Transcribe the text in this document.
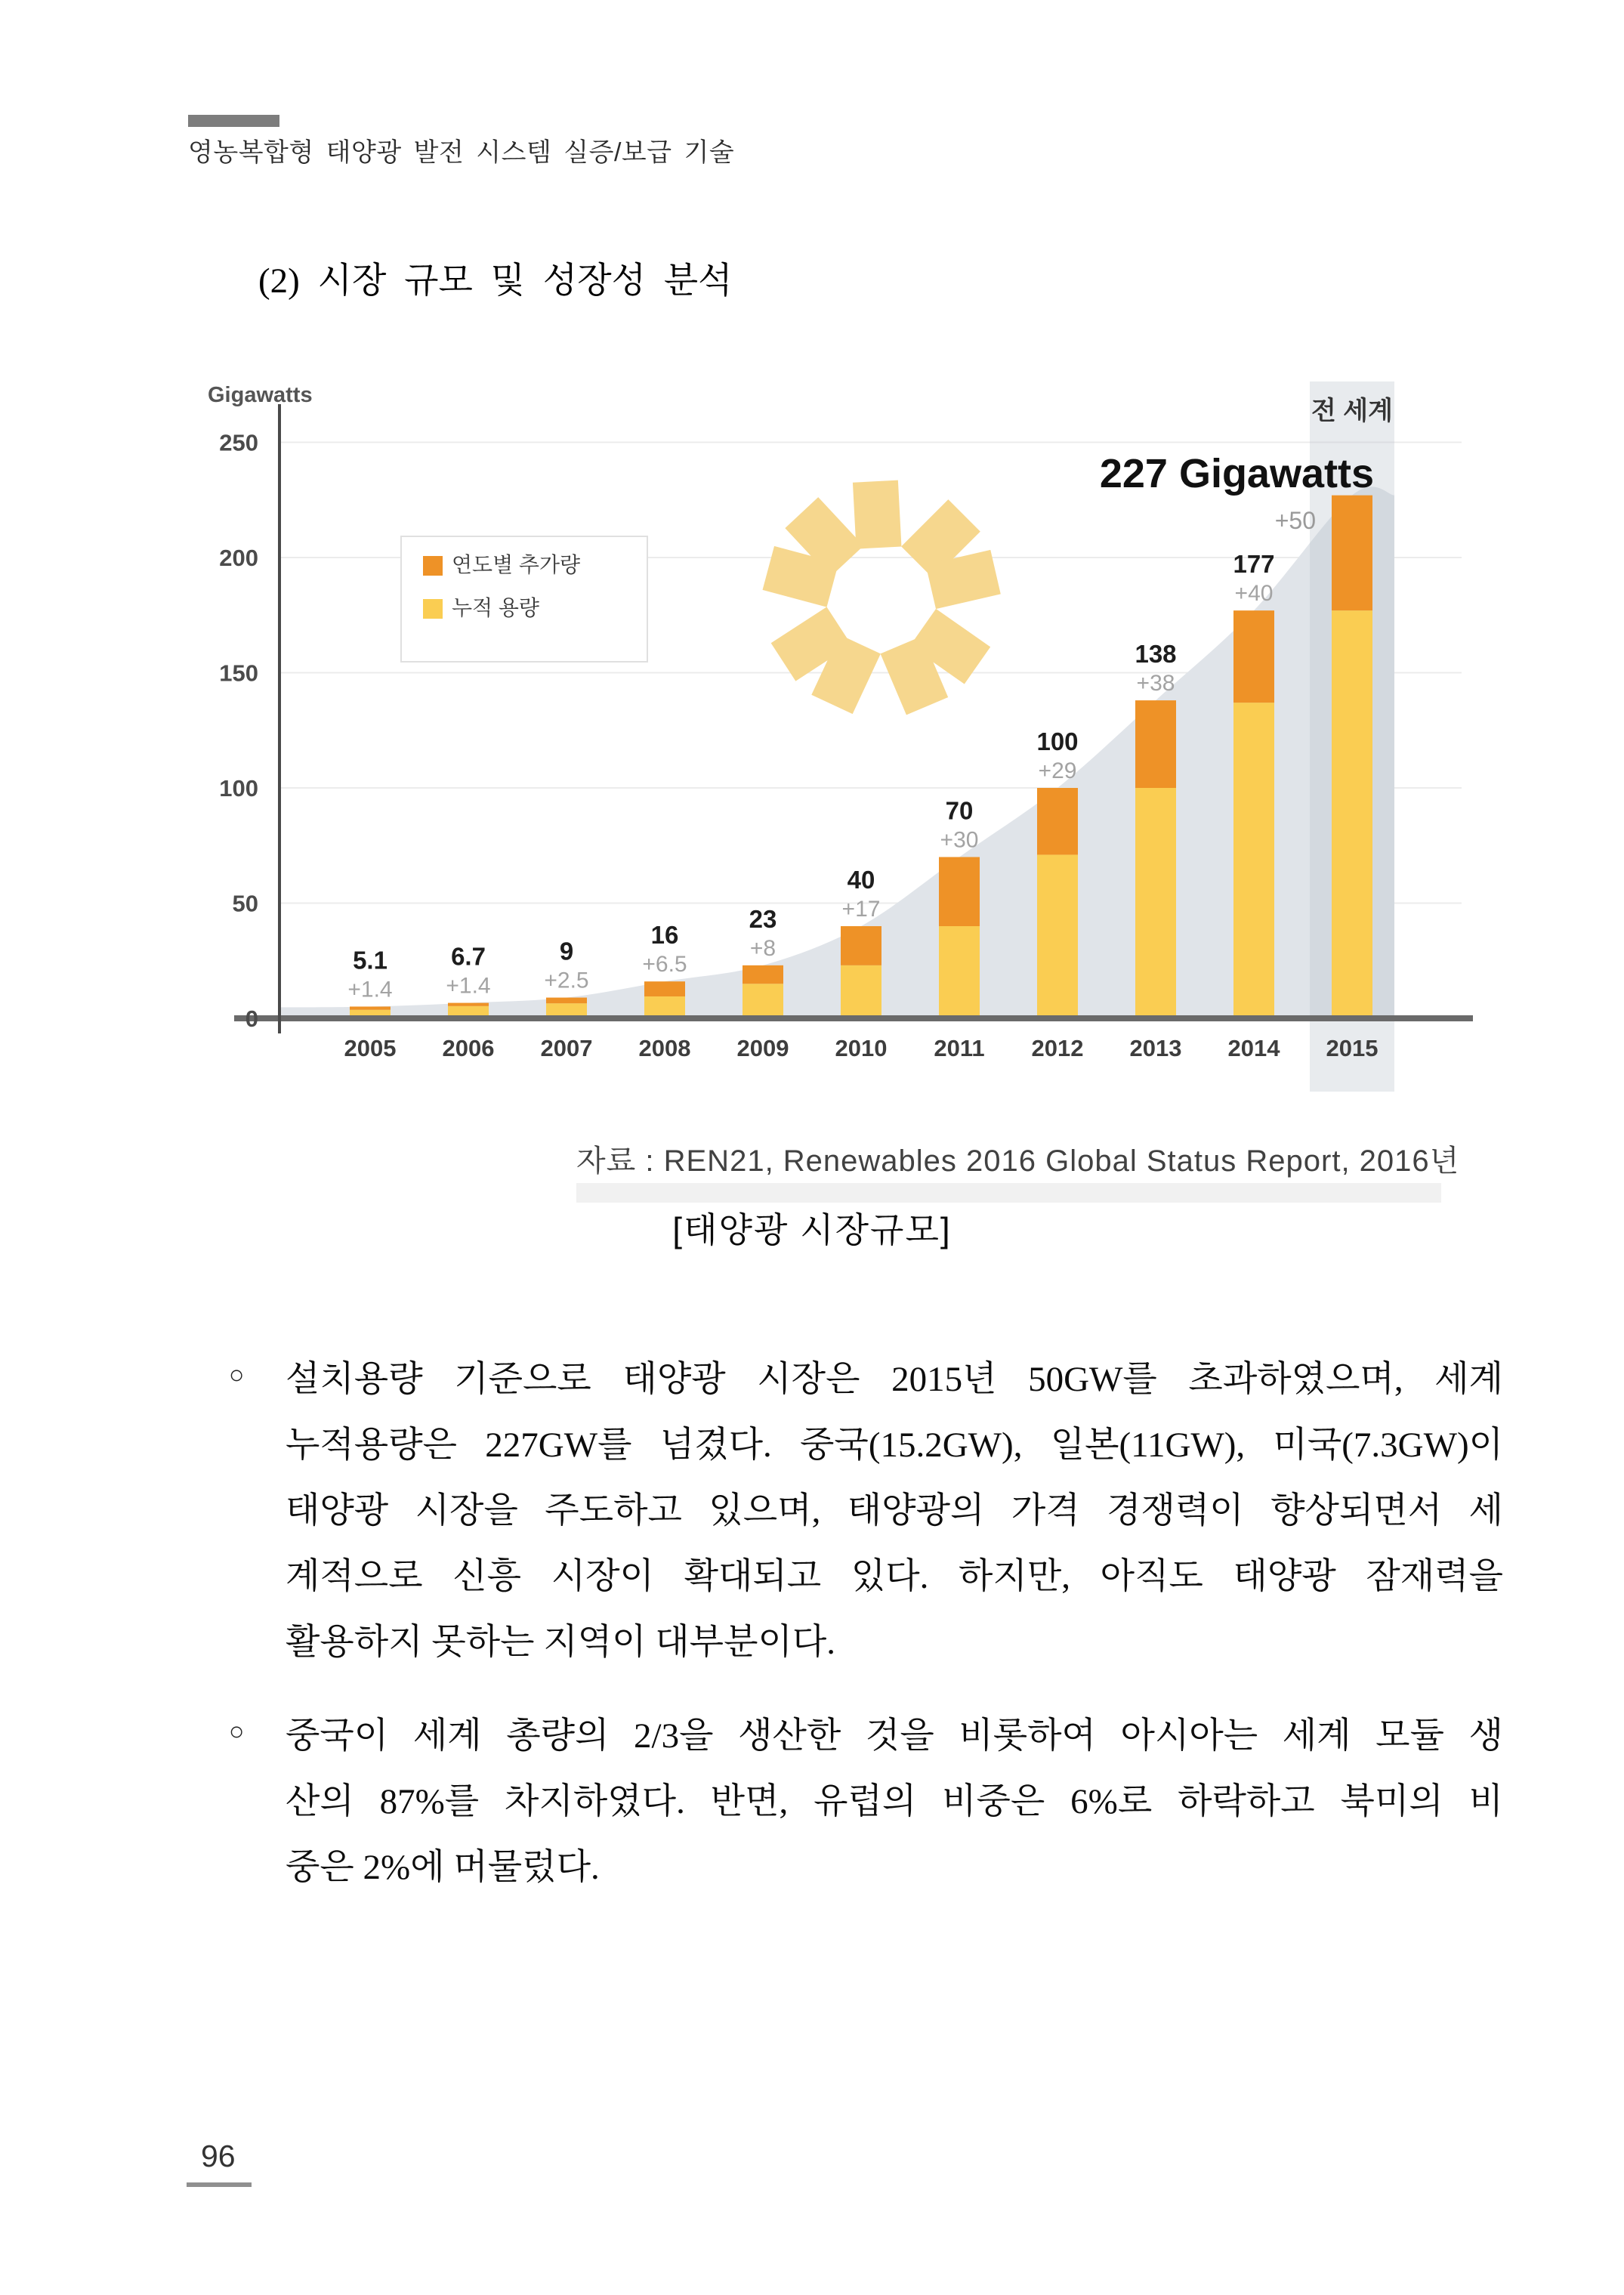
영농복합형 태양광 발전 시스템 실증/보급 기술
(2) 시장 규모 및 성장성 분석
5.1
+1.4
2005
6.7
+1.4
2006
9
+2.5
2007
16
+6.5
2008
23
+8
2009
40
+17
2010
70
+30
2011
100
+29
2012
138
+38
2013
177
+40
2014 2015
+50
0
50
100
150
200
250
Gigawatts
전 세계
227 Gigawatts
연도별 추가량
누적 용량
자료 : REN21, Renewables 2016 Global Status Report, 2016년
[태양광 시장규모]
○ 설치용량 기준으로 태양광 시장은 2015년 50GW를 초과하였으며, 세계
누적용량은 227GW를 넘겼다. 중국(15.2GW), 일본(11GW), 미국(7.3GW)이
태양광 시장을 주도하고 있으며, 태양광의 가격 경쟁력이 향상되면서 세
계적으로 신흥 시장이 확대되고 있다. 하지만, 아직도 태양광 잠재력을
활용하지 못하는 지역이 대부분이다.
○ 중국이 세계 총량의 2/3을 생산한 것을 비롯하여 아시아는 세계 모듈 생
산의 87%를 차지하였다. 반면, 유럽의 비중은 6%로 하락하고 북미의 비
중은 2%에 머물렀다.
96
